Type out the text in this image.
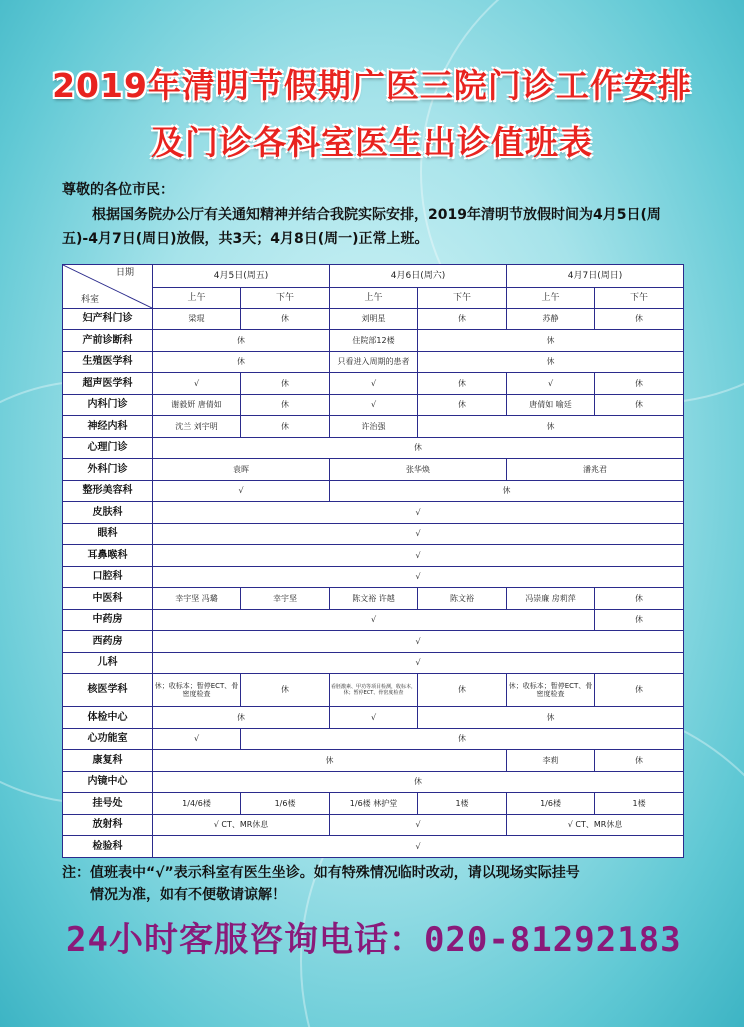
2019年清明节假期广医三院门诊工作安排
及门诊各科室医生出诊值班表
尊敬的各位市民：
根据国务院办公厅有关通知精神并结合我院实际安排，2019年清明节放假时间为4月5日(周五)-4月7日(周日)放假，共3天；4月8日(周一)正常上班。
日期
科室	4月5日(周五)		4月6日(周六)		4月7日(周日)	
	上午	下午	上午	下午	上午	下午
妇产科门诊	梁琨	休	刘明星	休	苏静	休
产前诊断科	休		住院部12楼	休		
生殖医学科	休		只看进入周期的患者	休		
超声医学科	√	休	√	休	√	休
内科门诊	谢毅妍 唐倩如	休	√	休	唐倩如 喻廷	休
神经内科	沈兰 刘宇明	休	许治强	休		
心理门诊	休					
外科门诊	袁晖		张华焕		潘兆君	
整形美容科	√		休			
皮肤科	√					
眼科	√					
耳鼻喉科	√					
口腔科	√					
中医科	幸宇坚 冯璐	幸宇坚	陈文裕 许越	陈文裕	冯崇廉 房莉萍	休
中药房	√					休
西药房	√					
儿科	√					
核医学科	休；收标本；暂停ECT、骨密度检查	休	看胚激素、甲功等项目检测，收标本，休；暂停ECT、骨密度检查	休	休；收标本；暂停ECT、骨密度检查	休
体检中心	休		√	休		
心功能室	√	休				
康复科	休				李莉	休
内镜中心	休					
挂号处	1/4/6楼	1/6楼	1/6楼 林护堂	1楼	1/6楼	1楼
放射科	√ CT、MR休息		√		√ CT、MR休息	
检验科	√					
注：值班表中“√”表示科室有医生坐诊。如有特殊情况临时改动，请以现场实际挂号
情况为准，如有不便敬请谅解！
24小时客服咨询电话：020-81292183
